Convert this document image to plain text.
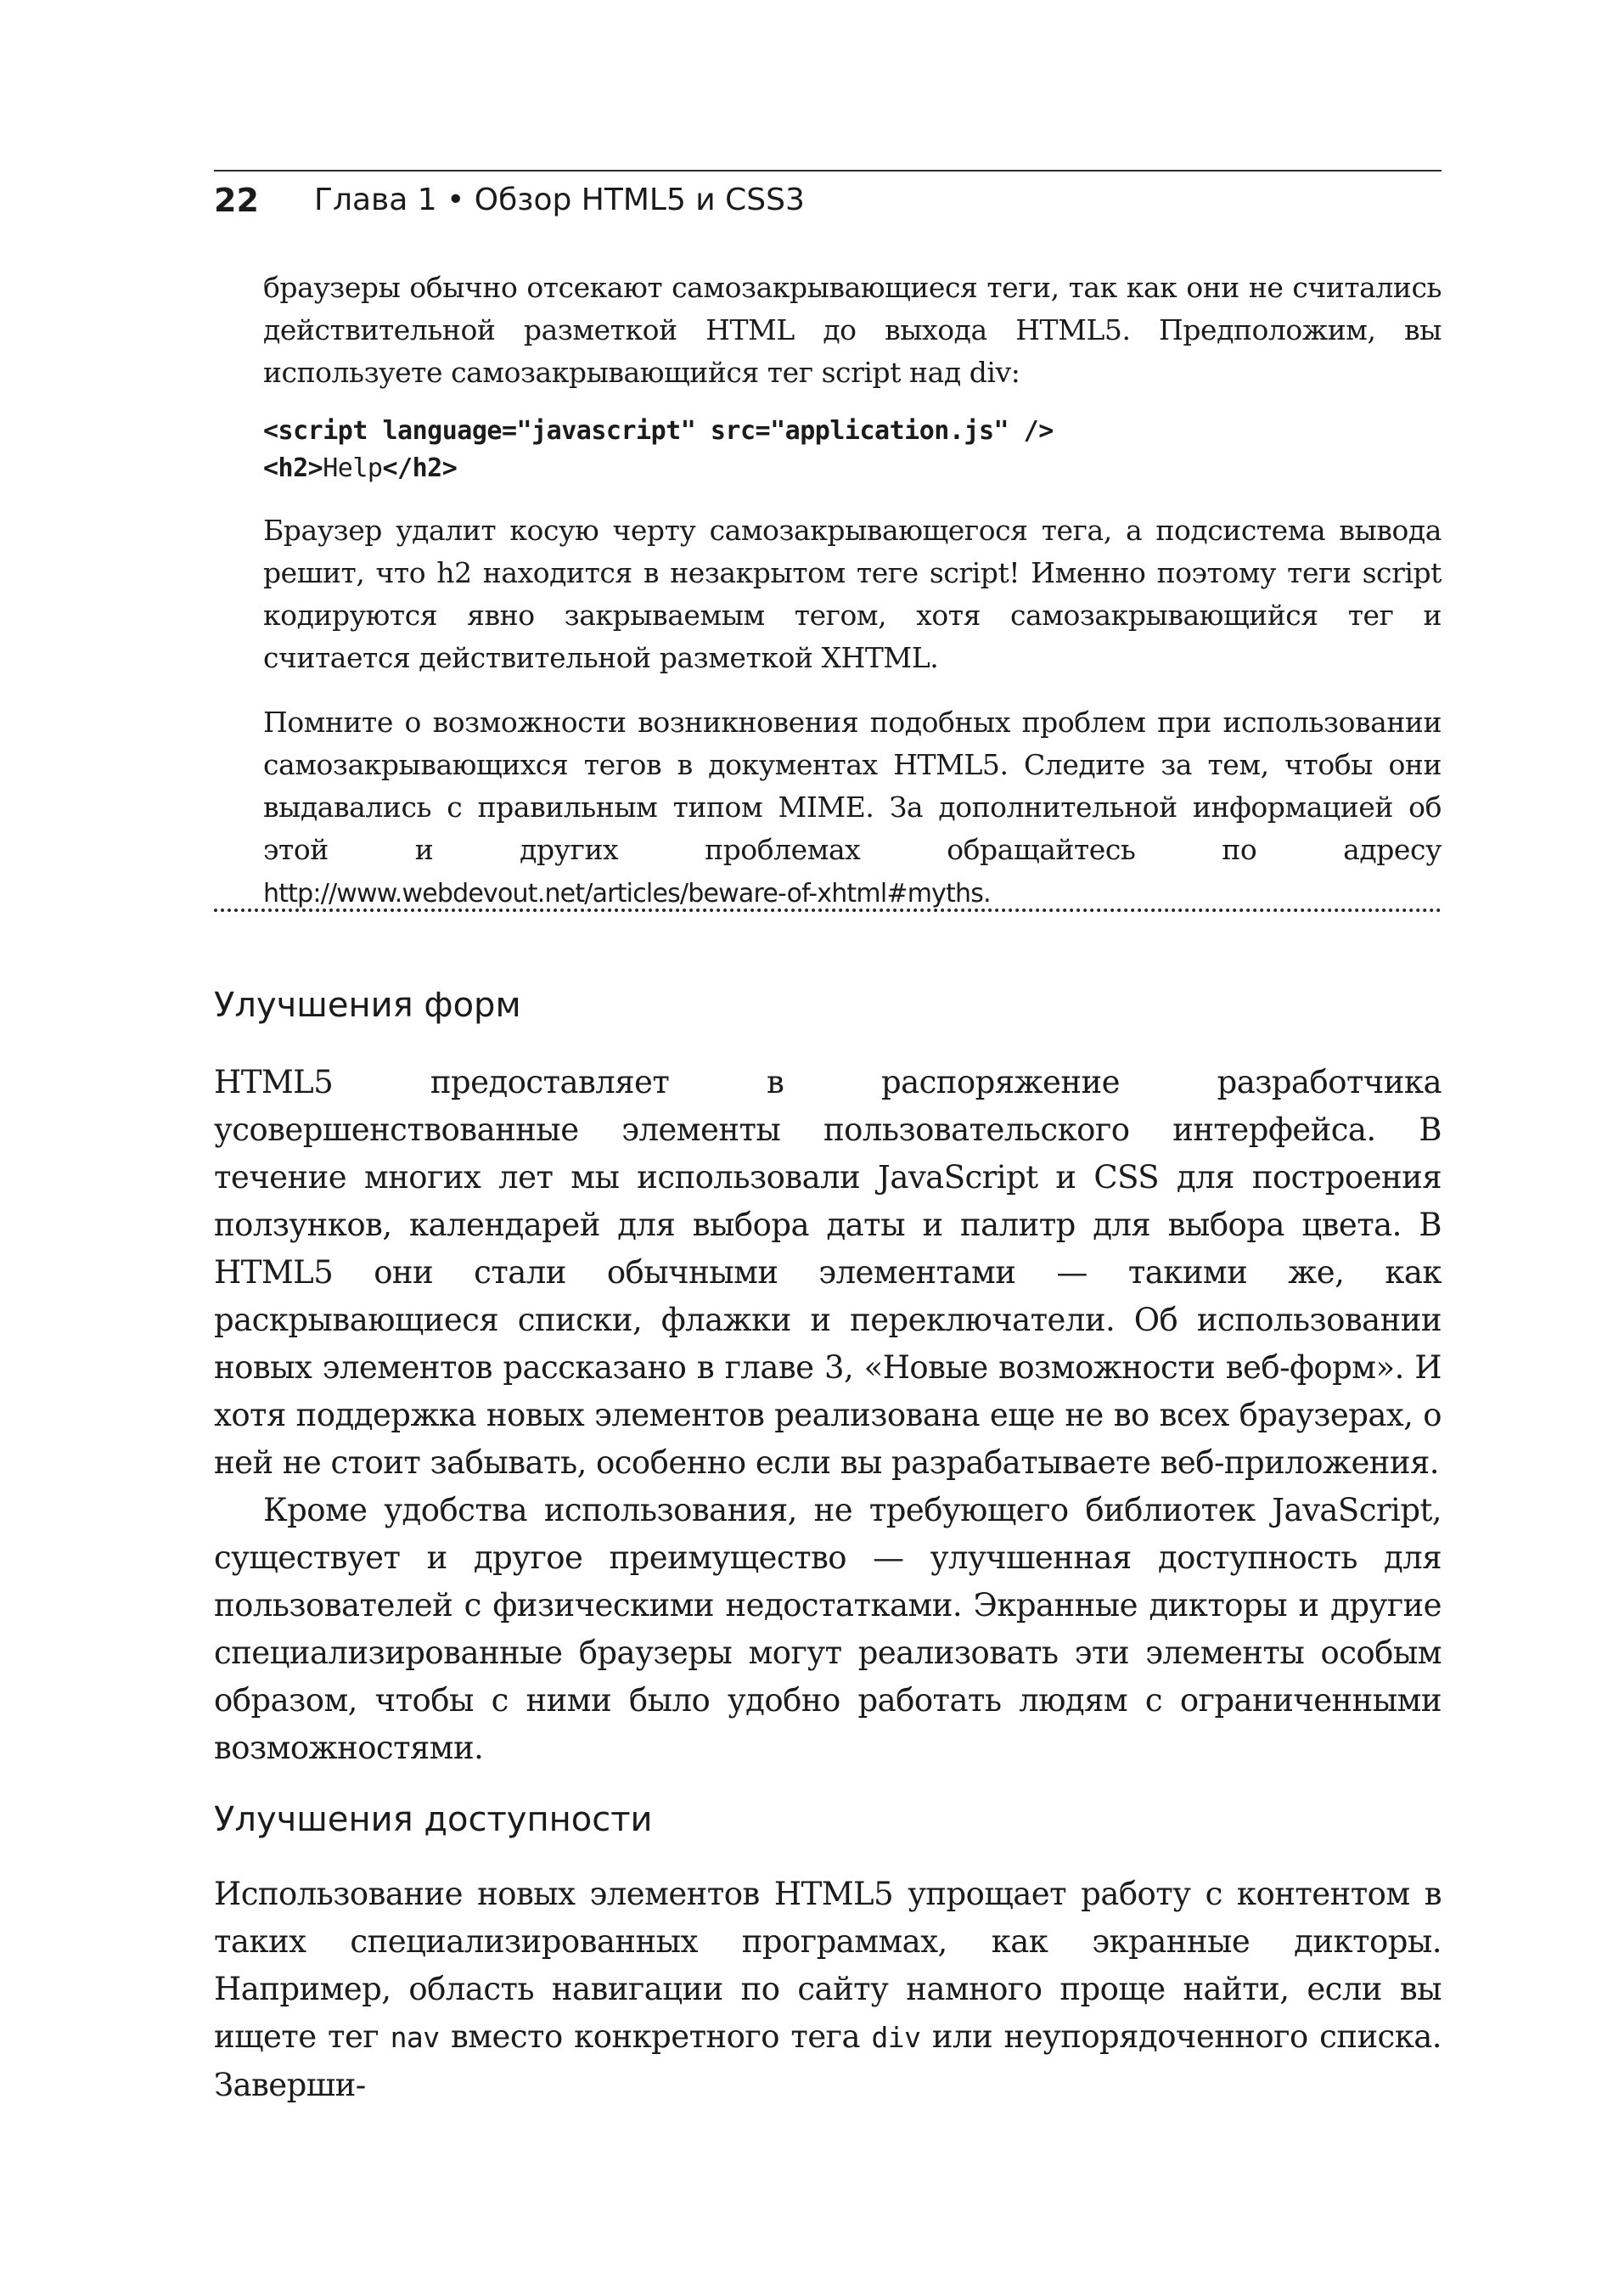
22 Глава 1 • Обзор HTML5 и CSS3

браузеры обычно отсекают самозакрывающиеся теги, так как они не считались действительной разметкой HTML до выхода HTML5. Предположим, вы используете самозакрывающийся тег script над div:

<script language="javascript" src="application.js" />
<h2>Help</h2>

Браузер удалит косую черту самозакрывающегося тега, а подсистема вывода решит, что h2 находится в незакрытом теге script! Именно поэтому теги script кодируются явно закрываемым тегом, хотя самозакрывающийся тег и считается действительной разметкой XHTML.

Помните о возможности возникновения подобных проблем при использовании самозакрывающихся тегов в документах HTML5. Следите за тем, чтобы они выдавались с правильным типом MIME. За дополнительной информацией об этой и других проблемах обращайтесь по адресу http://www.webdevout.net/articles/beware-of-xhtml#myths.

Улучшения форм

HTML5 предоставляет в распоряжение разработчика усовершенствованные элементы пользовательского интерфейса. В течение многих лет мы использовали JavaScript и CSS для построения ползунков, календарей для выбора даты и палитр для выбора цвета. В HTML5 они стали обычными элементами — такими же, как раскрывающиеся списки, флажки и переключатели. Об использовании новых элементов рассказано в главе 3, «Новые возможности веб-форм». И хотя поддержка новых элементов реализована еще не во всех браузерах, о ней не стоит забывать, особенно если вы разрабатываете веб-приложения.

Кроме удобства использования, не требующего библиотек JavaScript, существует и другое преимущество — улучшенная доступность для пользователей с физическими недостатками. Экранные дикторы и другие специализированные браузеры могут реализовать эти элементы особым образом, чтобы с ними было удобно работать людям с ограниченными возможностями.

Улучшения доступности

Использование новых элементов HTML5 упрощает работу с контентом в таких специализированных программах, как экранные дикторы. Например, область навигации по сайту намного проще найти, если вы ищете тег nav вместо конкретного тега div или неупорядоченного списка. Заверши-
